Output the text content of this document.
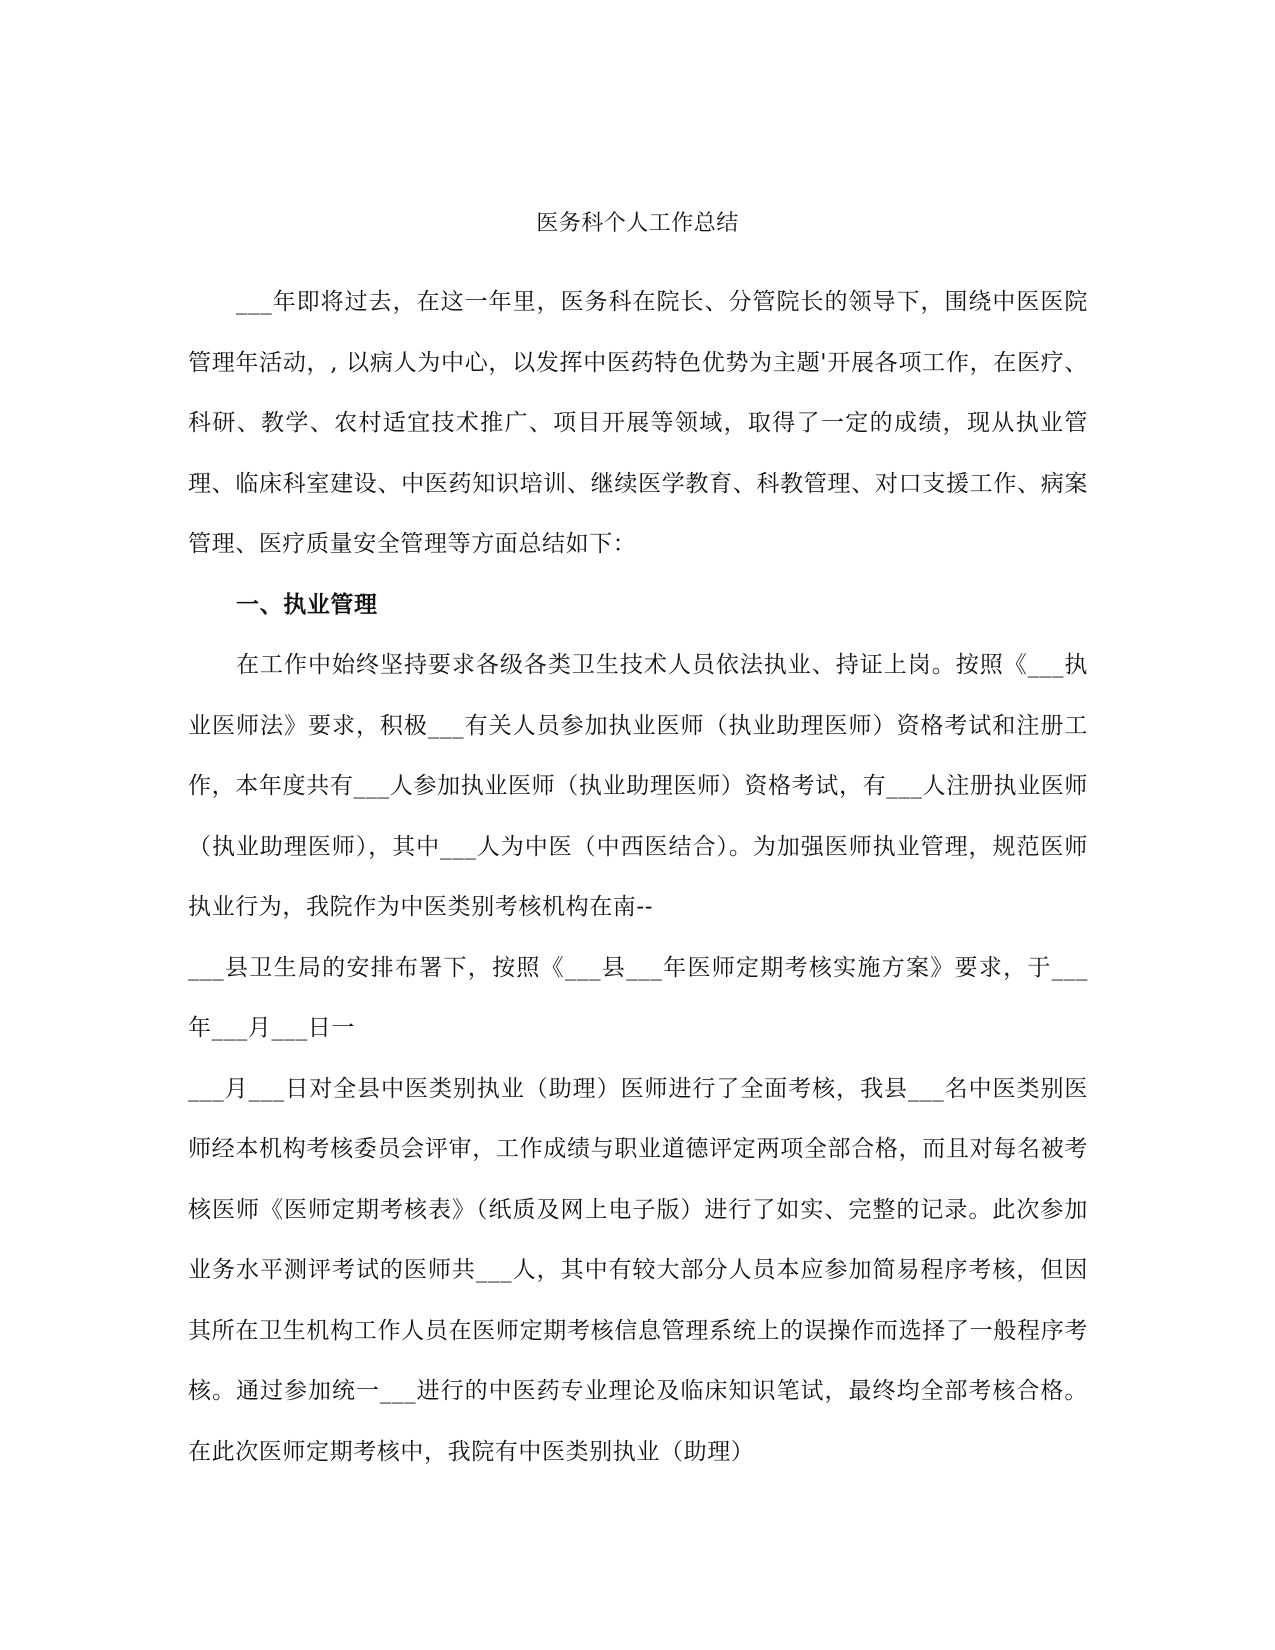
医务科个人工作总结

___年即将过去，在这一年里，医务科在院长、分管院长的领导下，围绕中医医院管理年活动，, 以病人为中心，以发挥中医药特色优势为主题'开展各项工作，在医疗、科研、教学、农村适宜技术推广、项目开展等领域，取得了一定的成绩，现从执业管理、临床科室建设、中医药知识培训、继续医学教育、科教管理、对口支援工作、病案管理、医疗质量安全管理等方面总结如下：

一、执业管理

在工作中始终坚持要求各级各类卫生技术人员依法执业、持证上岗。按照《___执业医师法》要求，积极___有关人员参加执业医师（执业助理医师）资格考试和注册工作，本年度共有___人参加执业医师（执业助理医师）资格考试，有___人注册执业医师（执业助理医师），其中___人为中医（中西医结合）。为加强医师执业管理，规范医师执业行为，我院作为中医类别考核机构在南--

___县卫生局的安排布署下，按照《___县___年医师定期考核实施方案》要求，于___年___月___日一

___月___日对全县中医类别执业（助理）医师进行了全面考核，我县___名中医类别医师经本机构考核委员会评审，工作成绩与职业道德评定两项全部合格，而且对每名被考核医师《医师定期考核表》（纸质及网上电子版）进行了如实、完整的记录。此次参加业务水平测评考试的医师共___人，其中有较大部分人员本应参加简易程序考核，但因其所在卫生机构工作人员在医师定期考核信息管理系统上的误操作而选择了一般程序考核。通过参加统一___进行的中医药专业理论及临床知识笔试，最终均全部考核合格。在此次医师定期考核中，我院有中医类别执业（助理）
